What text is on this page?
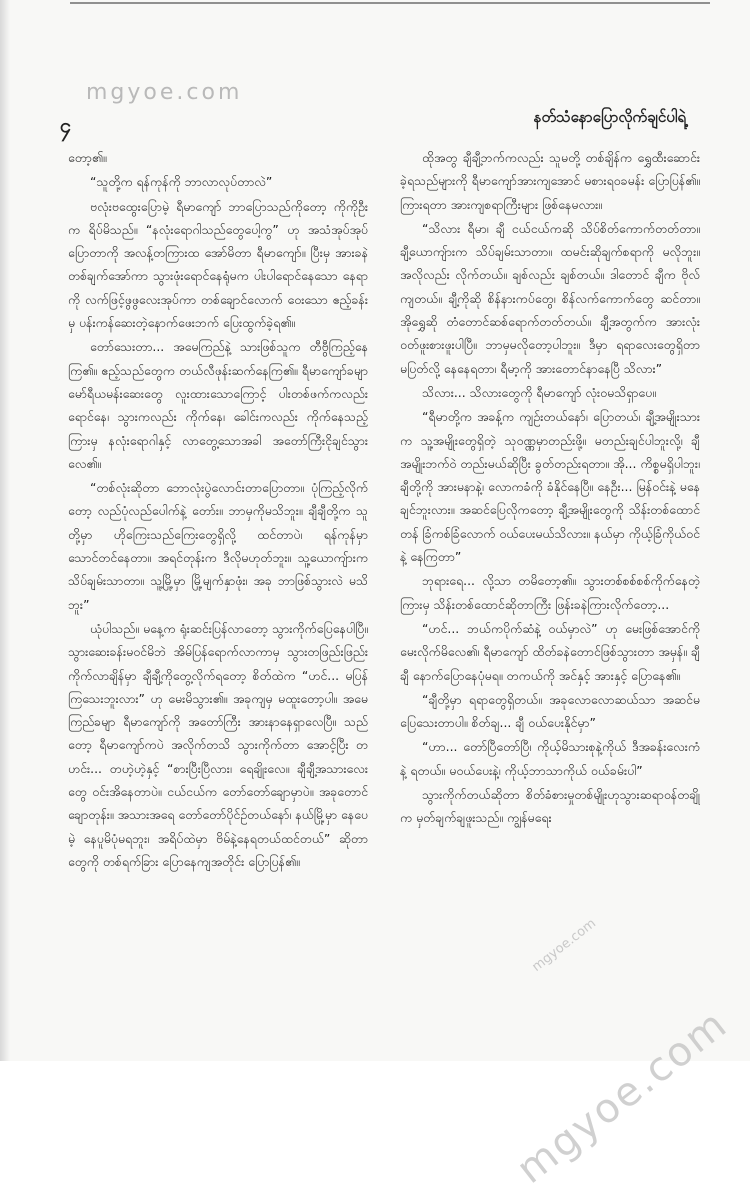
mgyoe.com
၄	နတ်သံနောပြောလိုက်ချင်ပါရဲ့

တော့၏။

“သူတို့က ရန်ကုန်ကို ဘာလာလုပ်တာလဲ”

ဗလုံးဗထွေးပြောမဲ့ ရီမာကျော် ဘာပြောသည်ကိုတော့ ကိုကိုဦးက ရိပ်မိသည်။ “နလုံးရောဂါသည်တွေပေါ့ကွ” ဟု အသံအုပ်အုပ် ပြောတာကို အလန့်တကြားထ အော်မိတာ ရီမာကျော်။ ပြီးမှ အားခနဲတစ်ချက်အော်ကာ သွားဖုံးရောင်နေရုံမက ပါးပါရောင်နေသော နေရာကို လက်ဖြင့်ဖွဖွလေးအုပ်ကာ တစ်ချောင်လောက် ဝေးသော ဧည့်ခန်းမှ ပန်းကန်ဆေးတဲ့နောက်ဖေးဘက် ပြေးထွက်ခဲ့ရ၏။

တော်သေးတာ... အမေကြည်နဲ့ သားဖြစ်သူက တီဗွီကြည့်နေကြ၏။ ဧည့်သည်တွေက တယ်လီဖုန်းဆက်နေကြ၏။ ရီမာကျော်ခမျာ မော်ရီယမန်းဆေးတွေ လူးထားသောကြောင့် ပါးတစ်ဖက်ကလည်း ရောင်နေ၊ သွားကလည်း ကိုက်နေ၊ ခေါင်းကလည်း ကိုက်နေသည့်ကြားမှ နလုံးရောဂါနှင့် လာတွေ့သောအခါ အတော်ကြီးငိုချင်သွားလေ၏။

“တစ်လုံးဆိုတာ ဘောလုံးပွဲလောင်းတာပြောတာ။ ပုံကြည့်လိုက်တော့ လည်ပုံလည်ပေါက်နဲ့ တော်း။ ဘာမှကိုမသိဘူး။ ချီချီတို့က သူတို့မှာ ဟိုကြေးသည်ကြေးတွေရှိလို့ ထင်တာပဲ၊ ရန်ကုန်မှာ သောင်တင်နေတာ။ အရင်တုန်းက ဒီလိုမဟုတ်ဘူး။ သူ့ယောကျ်ားက သိပ်ချမ်းသာတာ။ သူ့မြို့မှာ မြို့မျက်နှာဖုံး၊ အခု ဘာဖြစ်သွားလဲ မသိဘူး”

ယုံပါသည်။ မနေ့က ရုံးဆင်းပြန်လာတော့ သွားကိုက်ပြေနေပါပြီ။ သွားဆေးခန်းမဝင်မိဘဲ အိမ်ပြန်ရောက်လာကာမှ သွားတဖြည်းဖြည်းကိုက်လာချိန်မှာ ချီချီ့ကိုတွေ့လိုက်ရတော့ စိတ်ထဲက “ဟင်... မပြန်ကြသေးဘူးလား” ဟု မေးမိသွား၏။ အခုကျမှ မထူးတော့ပါ။ အမေကြည်ခမျာ ရီမာကျော်ကို အတော်ကြီး အားနာနေရှာလေပြီ။ သည်တော့ ရီမာကျော်ကပဲ အလိုက်တသိ သွားကိုက်တာ အောင့်ပြီး တဟင်း... တဟဲ့ဟဲ့နှင့် “စားပြီးပြီလား၊ ရေချိုးလေ။ ချီချီ့အသားလေးတွေ ဝင်းအိနေတာပဲ။ ငယ်ငယ်က တော်တော်ချောမှာပဲ။ အခုတောင် ချောတုန်း။ အသားအရေ တော်တော်ပိုင်ဉ်တယ်နော်၊ နယ်မြို့မှာ နေပေမဲ့ နေပူမိပုံမရဘူး၊ အရိပ်ထဲမှာ ဗိမ်နဲ့နေရတယ်ထင်တယ်” ဆိုတာတွေကို တစ်ရက်ခြား ပြောနေကျအတိုင်း ပြောပြန်၏။

ထိုအတွ ချီချီ့ဘက်ကလည်း သူမတို့ တစ်ချိန်က ရွှေထီးဆောင်းခဲ့ရသည်များကို ရီမာကျော်အားကျအောင် မစားရဝခမန်း ပြောပြန်၏။ ကြားရတာ အားကျစရာကြီးများ ဖြစ်နေမလား။

“သိလား ရီမာ၊ ချီ ငယ်ငယ်ကဆို သိပ်စိတ်ကောက်တတ်တာ။ ချီ့ယောကျ်ားက သိပ်ချမ်းသာတာ။ ထမင်းဆိုချက်စရာကို မလိုဘူး။ အလိုလည်း လိုက်တယ်။ ချစ်လည်း ချစ်တယ်။ ဒါတောင် ချီက ဗိုလ်ကျတယ်။ ချီ့ကိုဆို စိန်နားကပ်တွေ၊ စိန်လက်ကောက်တွေ ဆင်တာ။ အိုရွှေဆို တံတောင်ဆစ်ရောက်တတ်တယ်။ ချီ့အတွက်က အားလုံး ဝတ်ဖူးစားဖူးပါပြီ။ ဘာမှမလိုတော့ပါဘူး။ ဒီမှာ ရရာလေးတွေရှိတာ မပြတ်လို့ နေနေရတာ၊ ရီမာ့ကို အားတောင်နာနေပြီ သိလား”

သိလား... သိလားတွေကို ရီမာကျော် လုံးဝမသိရှာပေ။

“ရီမာတို့က အခန့်က ကျဉ်းတယ်နော်၊ ပြောတယ်၊ ချီ့အမျိုးသားက သူ့အမျိုးတွေရှိတဲ့ သုဝဏ္ဏမှာတည်းဖို့။ မတည်းချင်ပါဘူးလို့၊ ချီ့အမျိုးဘက်ဝဲ တည်းမယ်ဆိုပြီး ခွတ်တည်းရတာ။ အို... ကိစ္စမရှိပါဘူး၊ ချီတို့ကို အားမနာနဲ့၊ လောကခံကို ခံနိုင်နေပြီ။ နေဦး... မြန်ဝင်းနဲ့ မနေချင်ဘူးလား။ အဆင်ပြေလိုကတော့ ချီ့အမျိုးတွေကို သိန်းတစ်ထောင်တန် ခြံကစ်ခြံလောက် ဝယ်ပေးမယ်သိလား။ နယ်မှာ ကိုယ့်ခြံကိုယ်ဝင်နဲ့ နေကြတာ”

ဘုရားရေ... လို့သာ တမိတော့၏။ သွားတစ်စစ်စစ်ကိုက်နေတဲ့ကြားမှ သိန်းတစ်ထောင်ဆိုတာကြီး ဖြန်းခနဲကြားလိုက်တော့...

“ဟင်... ဘယ်ကပိုက်ဆံနဲ့ ဝယ်မှာလဲ” ဟု မေးဖြစ်အောင်ကို မေးလိုက်မိလေ၏၊ ရီမာကျော် ထိတ်ခနဲတောင်ဖြစ်သွားတာ အမှန်။ ချီချီ နောက်ပြောနေပုံမရ။ တကယ်ကို အင်နှင့် အားနှင့် ပြောနေ၏။

“ချီတို့မှာ ရရာတွေရှိတယ်။ အခုလောလောဆယ်သာ အဆင်မပြေသေးတာပါ။ စိတ်ချ... ချီ ဝယ်ပေးနိုင်မှာ”

“ဟာ... တော်ပြီတော်ပြီ၊ ကိုယ့်မိသားစုနဲ့ကိုယ် ဒီအခန်းလေးကံနဲ့ ရတယ်။ မဝယ်ပေးနဲ့၊ ကိုယ့်ဘာသာကိုယ် ဝယ်ခမ်းပါ”

သွားကိုက်တယ်ဆိုတာ စိတ်ခံစားမှုတစ်မျိုးဟုသွားဆရာဝန်တချို့က မှတ်ချက်ချဖူးသည်။ ကျွန်မရေး

mgyoe.com
mgyoe.com
